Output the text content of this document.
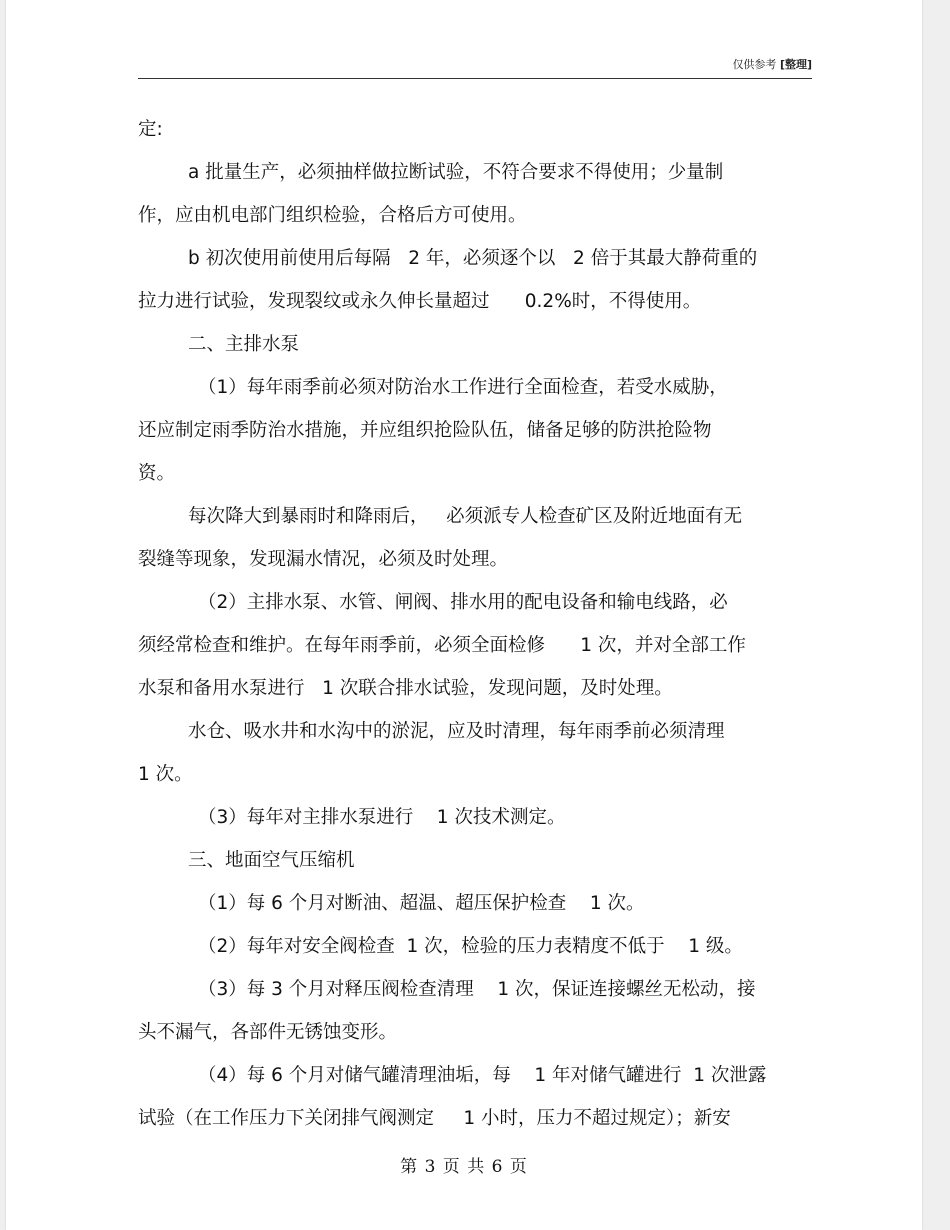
仅供参考 [整理]
定:
a 批量生产，必须抽样做拉断试验，不符合要求不得使用；少量制
作，应由机电部门组织检验，合格后方可使用。
b 初次使用前使用后每隔   2 年，必须逐个以   2 倍于其最大静荷重的
拉力进行试验，发现裂纹或永久伸长量超过      0.2%时，不得使用。
二、主排水泵
（1）每年雨季前必须对防治水工作进行全面检查，若受水威胁，
还应制定雨季防治水措施，并应组织抢险队伍，储备足够的防洪抢险物
资。
每次降大到暴雨时和降雨后，   必须派专人检查矿区及附近地面有无
裂缝等现象，发现漏水情况，必须及时处理。
（2）主排水泵、水管、闸阀、排水用的配电设备和输电线路，必
须经常检查和维护。在每年雨季前，必须全面检修      1 次，并对全部工作
水泵和备用水泵进行   1 次联合排水试验，发现问题，及时处理。
水仓、吸水井和水沟中的淤泥，应及时清理，每年雨季前必须清理
1 次。
（3）每年对主排水泵进行    1 次技术测定。
三、地面空气压缩机
（1）每 6 个月对断油、超温、超压保护检查    1 次。
（2）每年对安全阀检查  1 次，检验的压力表精度不低于    1 级。
（3）每 3 个月对释压阀检查清理    1 次，保证连接螺丝无松动，接
头不漏气，各部件无锈蚀变形。
（4）每 6 个月对储气罐清理油垢，每    1 年对储气罐进行  1 次泄露
试验（在工作压力下关闭排气阀测定     1 小时，压力不超过规定）；新安
第 3 页 共 6 页
